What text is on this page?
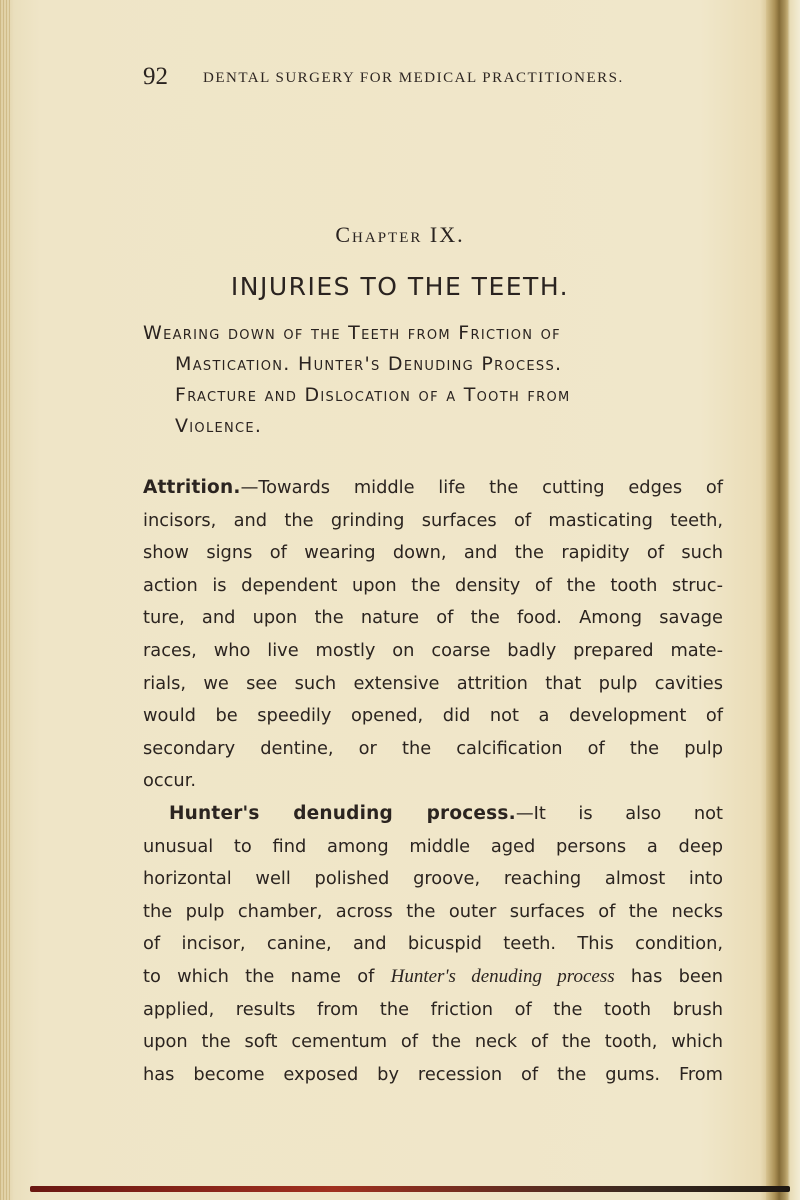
92 DENTAL SURGERY FOR MEDICAL PRACTITIONERS.
Chapter IX.
INJURIES TO THE TEETH.
Wearing down of the Teeth from Friction of
Mastication. Hunter's Denuding Process.
Fracture and Dislocation of a Tooth from
Violence.
Attrition.—Towards middle life the cutting edges of
incisors, and the grinding surfaces of masticating teeth,
show signs of wearing down, and the rapidity of such
action is dependent upon the density of the tooth struc-
ture, and upon the nature of the food. Among savage
races, who live mostly on coarse badly prepared mate-
rials, we see such extensive attrition that pulp cavities
would be speedily opened, did not a development of
secondary dentine, or the calcification of the pulp
occur.
Hunter's denuding process.—It is also not
unusual to find among middle aged persons a deep
horizontal well polished groove, reaching almost into
the pulp chamber, across the outer surfaces of the necks
of incisor, canine, and bicuspid teeth. This condition,
to which the name of Hunter's denuding process has been
applied, results from the friction of the tooth brush
upon the soft cementum of the neck of the tooth, which
has become exposed by recession of the gums. From
